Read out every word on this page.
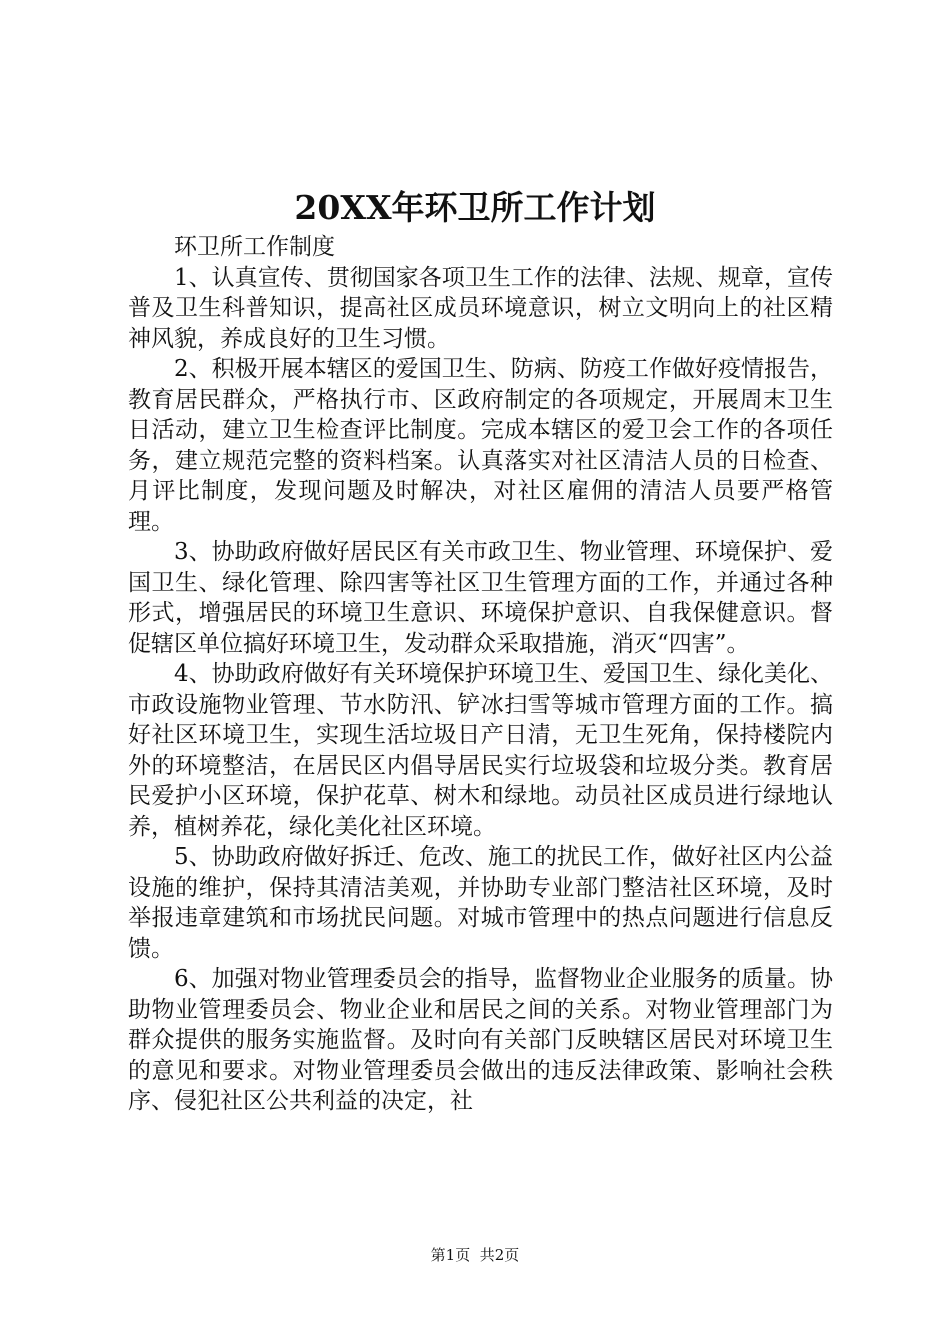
20XX年环卫所工作计划

环卫所工作制度

1、认真宣传、贯彻国家各项卫生工作的法律、法规、规章，宣传普及卫生科普知识，提高社区成员环境意识，树立文明向上的社区精神风貌，养成良好的卫生习惯。

2、积极开展本辖区的爱国卫生、防病、防疫工作做好疫情报告，教育居民群众，严格执行市、区政府制定的各项规定，开展周末卫生日活动，建立卫生检查评比制度。完成本辖区的爱卫会工作的各项任务，建立规范完整的资料档案。认真落实对社区清洁人员的日检查、月评比制度，发现问题及时解决，对社区雇佣的清洁人员要严格管理。

3、协助政府做好居民区有关市政卫生、物业管理、环境保护、爱国卫生、绿化管理、除四害等社区卫生管理方面的工作，并通过各种形式，增强居民的环境卫生意识、环境保护意识、自我保健意识。督促辖区单位搞好环境卫生，发动群众采取措施，消灭“四害”。

4、协助政府做好有关环境保护环境卫生、爱国卫生、绿化美化、市政设施物业管理、节水防汛、铲冰扫雪等城市管理方面的工作。搞好社区环境卫生，实现生活垃圾日产日清，无卫生死角，保持楼院内外的环境整洁，在居民区内倡导居民实行垃圾袋和垃圾分类。教育居民爱护小区环境，保护花草、树木和绿地。动员社区成员进行绿地认养，植树养花，绿化美化社区环境。

5、协助政府做好拆迁、危改、施工的扰民工作，做好社区内公益设施的维护，保持其清洁美观，并协助专业部门整洁社区环境，及时举报违章建筑和市场扰民问题。对城市管理中的热点问题进行信息反馈。

6、加强对物业管理委员会的指导，监督物业企业服务的质量。协助物业管理委员会、物业企业和居民之间的关系。对物业管理部门为群众提供的服务实施监督。及时向有关部门反映辖区居民对环境卫生的意见和要求。对物业管理委员会做出的违反法律政策、影响社会秩序、侵犯社区公共利益的决定，社

第1页 共2页
